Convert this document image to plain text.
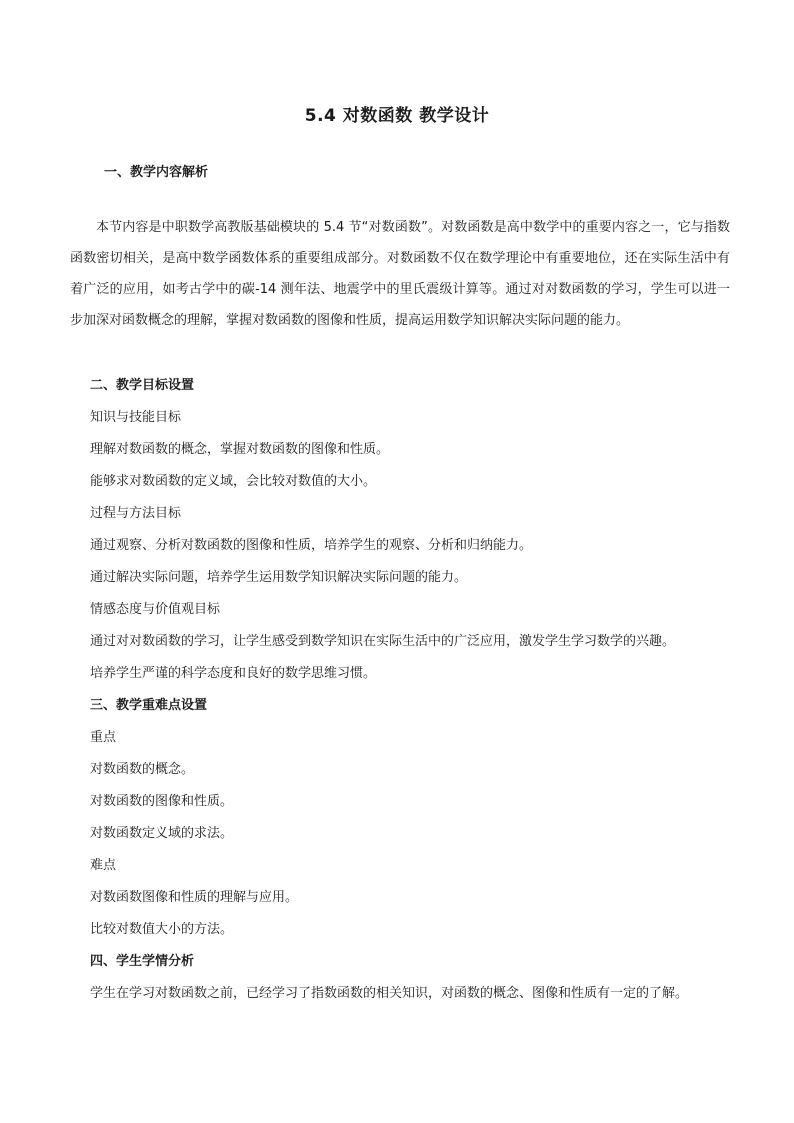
5.4 对数函数 教学设计
一、教学内容解析
本节内容是中职数学高教版基础模块的 5.4 节“对数函数”。对数函数是高中数学中的重要内容之一，它与指数函数密切相关，是高中数学函数体系的重要组成部分。对数函数不仅在数学理论中有重要地位，还在实际生活中有着广泛的应用，如考古学中的碳-14 测年法、地震学中的里氏震级计算等。通过对对数函数的学习，学生可以进一步加深对函数概念的理解，掌握对数函数的图像和性质，提高运用数学知识解决实际问题的能力。
二、教学目标设置
知识与技能目标
理解对数函数的概念，掌握对数函数的图像和性质。
能够求对数函数的定义域，会比较对数值的大小。
过程与方法目标
通过观察、分析对数函数的图像和性质，培养学生的观察、分析和归纳能力。
通过解决实际问题，培养学生运用数学知识解决实际问题的能力。
情感态度与价值观目标
通过对对数函数的学习，让学生感受到数学知识在实际生活中的广泛应用，激发学生学习数学的兴趣。
培养学生严谨的科学态度和良好的数学思维习惯。
三、教学重难点设置
重点
对数函数的概念。
对数函数的图像和性质。
对数函数定义域的求法。
难点
对数函数图像和性质的理解与应用。
比较对数值大小的方法。
四、学生学情分析
学生在学习对数函数之前，已经学习了指数函数的相关知识，对函数的概念、图像和性质有一定的了解。
